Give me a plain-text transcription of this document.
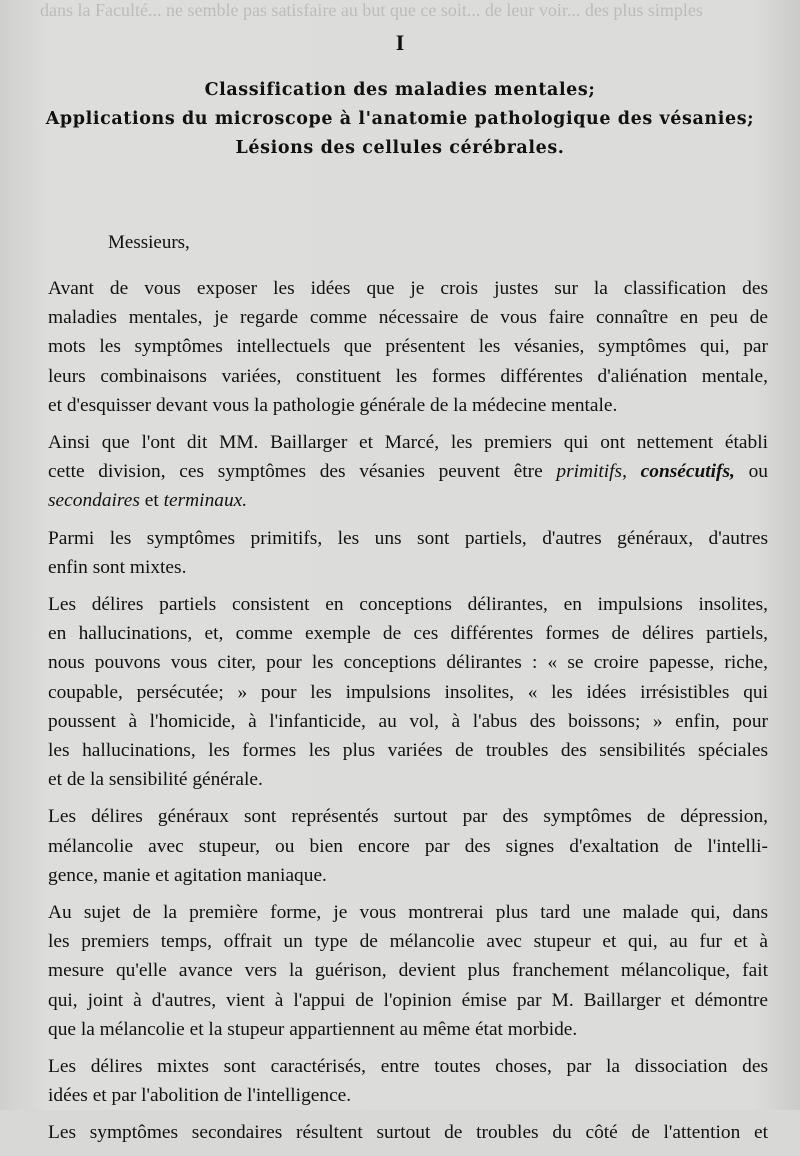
dans la Faculté... ne semble pas satisfaire au but que ce soit... de leur voir... des plus simples
I
Classification des maladies mentales;
Applications du microscope à l'anatomie pathologique des vésanies;
Lésions des cellules cérébrales.
Messieurs,

Avant de vous exposer les idées que je crois justes sur la classification des
maladies mentales, je regarde comme nécessaire de vous faire connaître en peu de
mots les symptômes intellectuels que présentent les vésanies, symptômes qui, par
leurs combinaisons variées, constituent les formes différentes d'aliénation mentale,
et d'esquisser devant vous la pathologie générale de la médecine mentale.

Ainsi que l'ont dit MM. Baillarger et Marcé, les premiers qui ont nettement établi
cette division, ces symptômes des vésanies peuvent être primitifs, consécutifs, ou
secondaires et terminaux.

Parmi les symptômes primitifs, les uns sont partiels, d'autres généraux, d'autres
enfin sont mixtes.

Les délires partiels consistent en conceptions délirantes, en impulsions insolites,
en hallucinations, et, comme exemple de ces différentes formes de délires partiels,
nous pouvons vous citer, pour les conceptions délirantes : « se croire papesse, riche,
coupable, persécutée; » pour les impulsions insolites, « les idées irrésistibles qui
poussent à l'homicide, à l'infanticide, au vol, à l'abus des boissons; » enfin, pour
les hallucinations, les formes les plus variées de troubles des sensibilités spéciales
et de la sensibilité générale.

Les délires généraux sont représentés surtout par des symptômes de dépression,
mélancolie avec stupeur, ou bien encore par des signes d'exaltation de l'intelli-
gence, manie et agitation maniaque.

Au sujet de la première forme, je vous montrerai plus tard une malade qui, dans
les premiers temps, offrait un type de mélancolie avec stupeur et qui, au fur et à
mesure qu'elle avance vers la guérison, devient plus franchement mélancolique, fait
qui, joint à d'autres, vient à l'appui de l'opinion émise par M. Baillarger et démontre
que la mélancolie et la stupeur appartiennent au même état morbide.

Les délires mixtes sont caractérisés, entre toutes choses, par la dissociation des
idées et par l'abolition de l'intelligence.

Les symptômes secondaires résultent surtout de troubles du côté de l'attention et
